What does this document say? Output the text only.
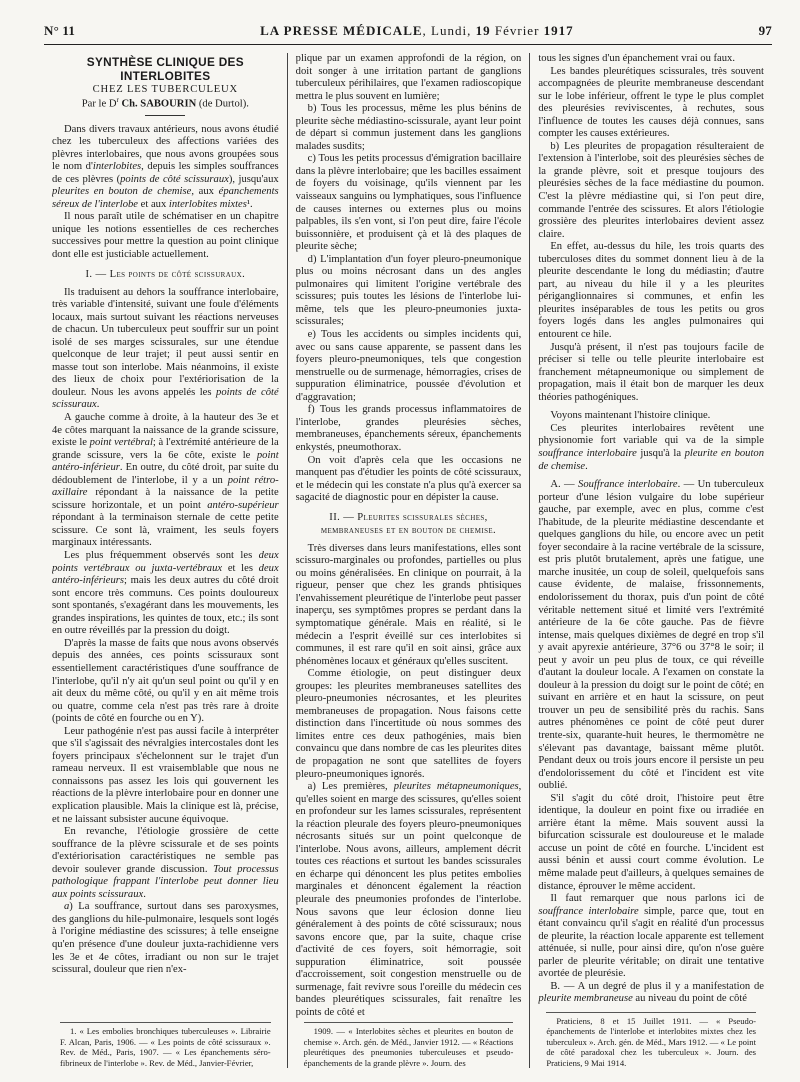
N° 11	LA PRESSE MÉDICALE, Lundi, 19 Février 1917	97
SYNTHÈSE CLINIQUE DES INTERLOBITES
CHEZ LES TUBERCULEUX
Par le $D^r$ Ch. SABOURIN (de Durtol).

Dans divers travaux antérieurs, nous avons étudié chez les tuberculeux des affections variées des plèvres interlobaires, que nous avons groupées sous le nom d'interlobites, depuis les simples souffrances de ces plèvres (points de côté scissuraux), jusqu'aux pleurites en bouton de chemise, aux épanchements séreux de l'interlobe et aux interlobites mixtes¹.

Il nous paraît utile de schématiser en un chapitre unique les notions essentielles de ces recherches successives pour mettre la question au point clinique dont elle est justiciable actuellement.

I. — Les points de côté scissuraux.

Ils traduisent au dehors la souffrance interlobaire, très variable d'intensité, suivant une foule d'éléments locaux, mais surtout suivant les réactions nerveuses de chacun. Un tuberculeux peut souffrir sur un point isolé de ses marges scissurales, sur une étendue quelconque de leur trajet; il peut aussi sentir en masse tout son interlobe. Mais néanmoins, il existe des lieux de choix pour l'extériorisation de la douleur. Nous les avons appelés les points de côté scissuraux.

A gauche comme à droite, à la hauteur des 3e et 4e côtes marquant la naissance de la grande scissure, existe le point vertébral; à l'extrémité antérieure de la grande scissure, vers la 6e côte, existe le point antéro-inférieur. En outre, du côté droit, par suite du dédoublement de l'interlobe, il y a un point rétro-axillaire répondant à la naissance de la petite scissure horizontale, et un point antéro-supérieur répondant à la terminaison sternale de cette petite scissure. Ce sont là, vraiment, les seuls foyers marginaux intéressants.

Les plus fréquemment observés sont les deux points vertébraux ou juxta-vertébraux et les deux antéro-inférieurs; mais les deux autres du côté droit sont encore très communs. Ces points douloureux sont spontanés, s'exagérant dans les mouvements, les grandes inspirations, les quintes de toux, etc.; ils sont en outre réveillés par la pression du doigt.

D'après la masse de faits que nous avons observés depuis des années, ces points scissuraux sont essentiellement caractéristiques d'une souffrance de l'interlobe, qu'il n'y ait qu'un seul point ou qu'il y en ait deux du même côté, ou qu'il y en ait même trois ou quatre, comme cela n'est pas très rare à droite (points de côté en fourche ou en Y).

Leur pathogénie n'est pas aussi facile à interpréter que s'il s'agissait des névralgies intercostales dont les foyers principaux s'échelonnent sur le trajet d'un rameau nerveux. Il est vraisemblable que nous ne connaissons pas assez les lois qui gouvernent les réactions de la plèvre interlobaire pour en donner une explication plausible. Mais la clinique est là, précise, et ne laissant subsister aucune équivoque.

En revanche, l'étiologie grossière de cette souffrance de la plèvre scissurale et de ses points d'extériorisation caractéristiques ne semble pas devoir soulever grande discussion. Tout processus pathologique frappant l'interlobe peut donner lieu aux points scissuraux.

a) La souffrance, surtout dans ses paroxysmes, des ganglions du hile-pulmonaire, lesquels sont logés à l'origine médiastine des scissures; à telle enseigne qu'en présence d'une douleur juxta-rachidienne vers les 3e et 4e côtes, irradiant ou non sur le trajet scissural, douleur que rien n'ex-

1. « Les embolies bronchiques tuberculeuses ». Librairie F. Alcan, Paris, 1906. — « Les points de côté scissuraux ». Rev. de Méd., Paris, 1907. — « Les épanchements séro-fibrineux de l'interlobe ». Rev. de Méd., Janvier-Février,

plique par un examen approfondi de la région, on doit songer à une irritation partant de ganglions tuberculeux périhilaires, que l'examen radioscopique mettra le plus souvent en lumière;

b) Tous les processus, même les plus bénins de pleurite sèche médiastino-scissurale, ayant leur point de départ si commun justement dans les ganglions malades susdits;

c) Tous les petits processus d'émigration bacillaire dans la plèvre interlobaire; que les bacilles essaiment de foyers du voisinage, qu'ils viennent par les vaisseaux sanguins ou lymphatiques, sous l'influence de causes internes ou externes plus ou moins palpables, ils s'en vont, si l'on peut dire, faire l'école buissonnière, et produisent çà et là des plaques de pleurite sèche;

d) L'implantation d'un foyer pleuro-pneumonique plus ou moins nécrosant dans un des angles pulmonaires qui limitent l'origine vertébrale des scissures; puis toutes les lésions de l'interlobe lui-même, tels que les pleuro-pneumonies juxta-scissurales;

e) Tous les accidents ou simples incidents qui, avec ou sans cause apparente, se passent dans les foyers pleuro-pneumoniques, tels que congestion menstruelle ou de surmenage, hémorragies, crises de suppuration éliminatrice, poussée d'évolution et d'aggravation;

f) Tous les grands processus inflammatoires de l'interlobe, grandes pleurésies sèches, membraneuses, épanchements séreux, épanchements enkystés, pneumothorax.

On voit d'après cela que les occasions ne manquent pas d'étudier les points de côté scissuraux, et le médecin qui les constate n'a plus qu'à exercer sa sagacité de diagnostic pour en dépister la cause.

II. — Pleurites scissurales sèches,
membraneuses et en bouton de chemise.

Très diverses dans leurs manifestations, elles sont scissuro-marginales ou profondes, partielles ou plus ou moins généralisées. En clinique on pourrait, à la rigueur, penser que chez les grands phtisiques l'envahissement pleurétique de l'interlobe peut passer inaperçu, ses symptômes propres se perdant dans la symptomatique générale. Mais en réalité, si le médecin a l'esprit éveillé sur ces interlobites si communes, il est rare qu'il en soit ainsi, grâce aux phénomènes locaux et généraux qu'elles suscitent.

Comme étiologie, on peut distinguer deux groupes: les pleurites membraneuses satellites des pleuro-pneumonies nécrosantes, et les pleurites membraneuses de propagation. Nous faisons cette distinction dans l'incertitude où nous sommes des limites entre ces deux pathogénies, mais bien convaincu que dans nombre de cas les pleurites dites de propagation ne sont que satellites de foyers pleuro-pneumoniques ignorés.

a) Les premières, pleurites métapneumoniques, qu'elles soient en marge des scissures, qu'elles soient en profondeur sur les lames scissurales, représentent la réaction pleurale des foyers pleuro-pneumoniques nécrosants situés sur un point quelconque de l'interlobe. Nous avons, ailleurs, amplement décrit toutes ces réactions et surtout les bandes scissurales en écharpe qui dénoncent les plus petites embolies marginales et dénoncent également la réaction pleurale des pneumonies profondes de l'interlobe. Nous savons que leur éclosion donne lieu généralement à des points de côté scissuraux; nous savons encore que, par la suite, chaque crise d'activité de ces foyers, soit hémorragie, soit suppuration éliminatrice, soit poussée d'accroissement, soit congestion menstruelle ou de surmenage, fait revivre sous l'oreille du médecin ces bandes pleurétiques scissurales, fait renaître les points de côté et

1909. — « Interlobites sèches et pleurites en bouton de chemise ». Arch. gén. de Méd., Janvier 1912. — « Réactions pleurétiques des pneumonies tuberculeuses et pseudo-épanchements de la grande plèvre ». Journ. des

tous les signes d'un épanchement vrai ou faux.

Les bandes pleurétiques scissurales, très souvent accompagnées de pleurite membraneuse descendant sur le lobe inférieur, offrent le type le plus complet des pleurésies reviviscentes, à rechutes, sous l'influence de toutes les causes déjà connues, sans compter les causes extérieures.

b) Les pleurites de propagation résulteraient de l'extension à l'interlobe, soit des pleurésies sèches de la grande plèvre, soit et presque toujours des pleurésies sèches de la face médiastine du poumon. C'est la plèvre médiastine qui, si l'on peut dire, commande l'entrée des scissures. Et alors l'étiologie grossière des pleurites interlobaires devient assez claire.

En effet, au-dessus du hile, les trois quarts des tuberculoses dites du sommet donnent lieu à de la pleurite descendante le long du médiastin; d'autre part, au niveau du hile il y a les pleurites périganglionnaires si communes, et enfin les pleurites inséparables de tous les petits ou gros foyers logés dans les angles pulmonaires qui entourent ce hile.

Jusqu'à présent, il n'est pas toujours facile de préciser si telle ou telle pleurite interlobaire est franchement métapneumonique ou simplement de propagation, mais il était bon de marquer les deux théories pathogéniques.

Voyons maintenant l'histoire clinique.

Ces pleurites interlobaires revêtent une physionomie fort variable qui va de la simple souffrance interlobaire jusqu'à la pleurite en bouton de chemise.

A. — Souffrance interlobaire. — Un tuberculeux porteur d'une lésion vulgaire du lobe supérieur gauche, par exemple, avec en plus, comme c'est l'habitude, de la pleurite médiastine descendante et quelques ganglions du hile, ou encore avec un petit foyer secondaire à la racine vertébrale de la scissure, est pris plutôt brutalement, après une fatigue, une marche inusitée, un coup de soleil, quelquefois sans cause évidente, de malaise, frissonnements, endolorissement du thorax, puis d'un point de côté véritable nettement situé et limité vers l'extrémité antérieure de la 6e côte gauche. Pas de fièvre intense, mais quelques dixièmes de degré en trop s'il y avait apyrexie antérieure, 37°6 ou 37°8 le soir; il peut y avoir un peu plus de toux, ce qui réveille d'autant la douleur locale. A l'examen on constate la douleur à la pression du doigt sur le point de côté; en suivant en arrière et en haut la scissure, on peut trouver un peu de sensibilité près du rachis. Sans autres phénomènes ce point de côté peut durer trente-six, quarante-huit heures, le thermomètre ne s'élevant pas davantage, baissant même plutôt. Pendant deux ou trois jours encore il persiste un peu d'endolorissement du côté et l'incident est vite oublié.

S'il s'agit du côté droit, l'histoire peut être identique, la douleur en point fixe ou irradiée en arrière étant la même. Mais souvent aussi la bifurcation scissurale est douloureuse et le malade accuse un point de côté en fourche. L'incident est aussi bénin et aussi court comme évolution. Le même malade peut d'ailleurs, à quelques semaines de distance, éprouver le même accident.

Il faut remarquer que nous parlons ici de souffrance interlobaire simple, parce que, tout en étant convaincu qu'il s'agit en réalité d'un processus de pleurite, la réaction locale apparente est tellement atténuée, si nulle, pour ainsi dire, qu'on n'ose guère parler de pleurite véritable; on dirait une tentative avortée de pleurésie.

B. — A un degré de plus il y a manifestation de pleurite membraneuse au niveau du point de côté

Praticiens, 8 et 15 Juillet 1911. — « Pseudo-épanchements de l'interlobe et interlobites mixtes chez les tuberculeux ». Arch. gén. de Méd., Mars 1912. — « Le point de côté paradoxal chez les tuberculeux ». Journ. des Praticiens, 9 Mai 1914.
